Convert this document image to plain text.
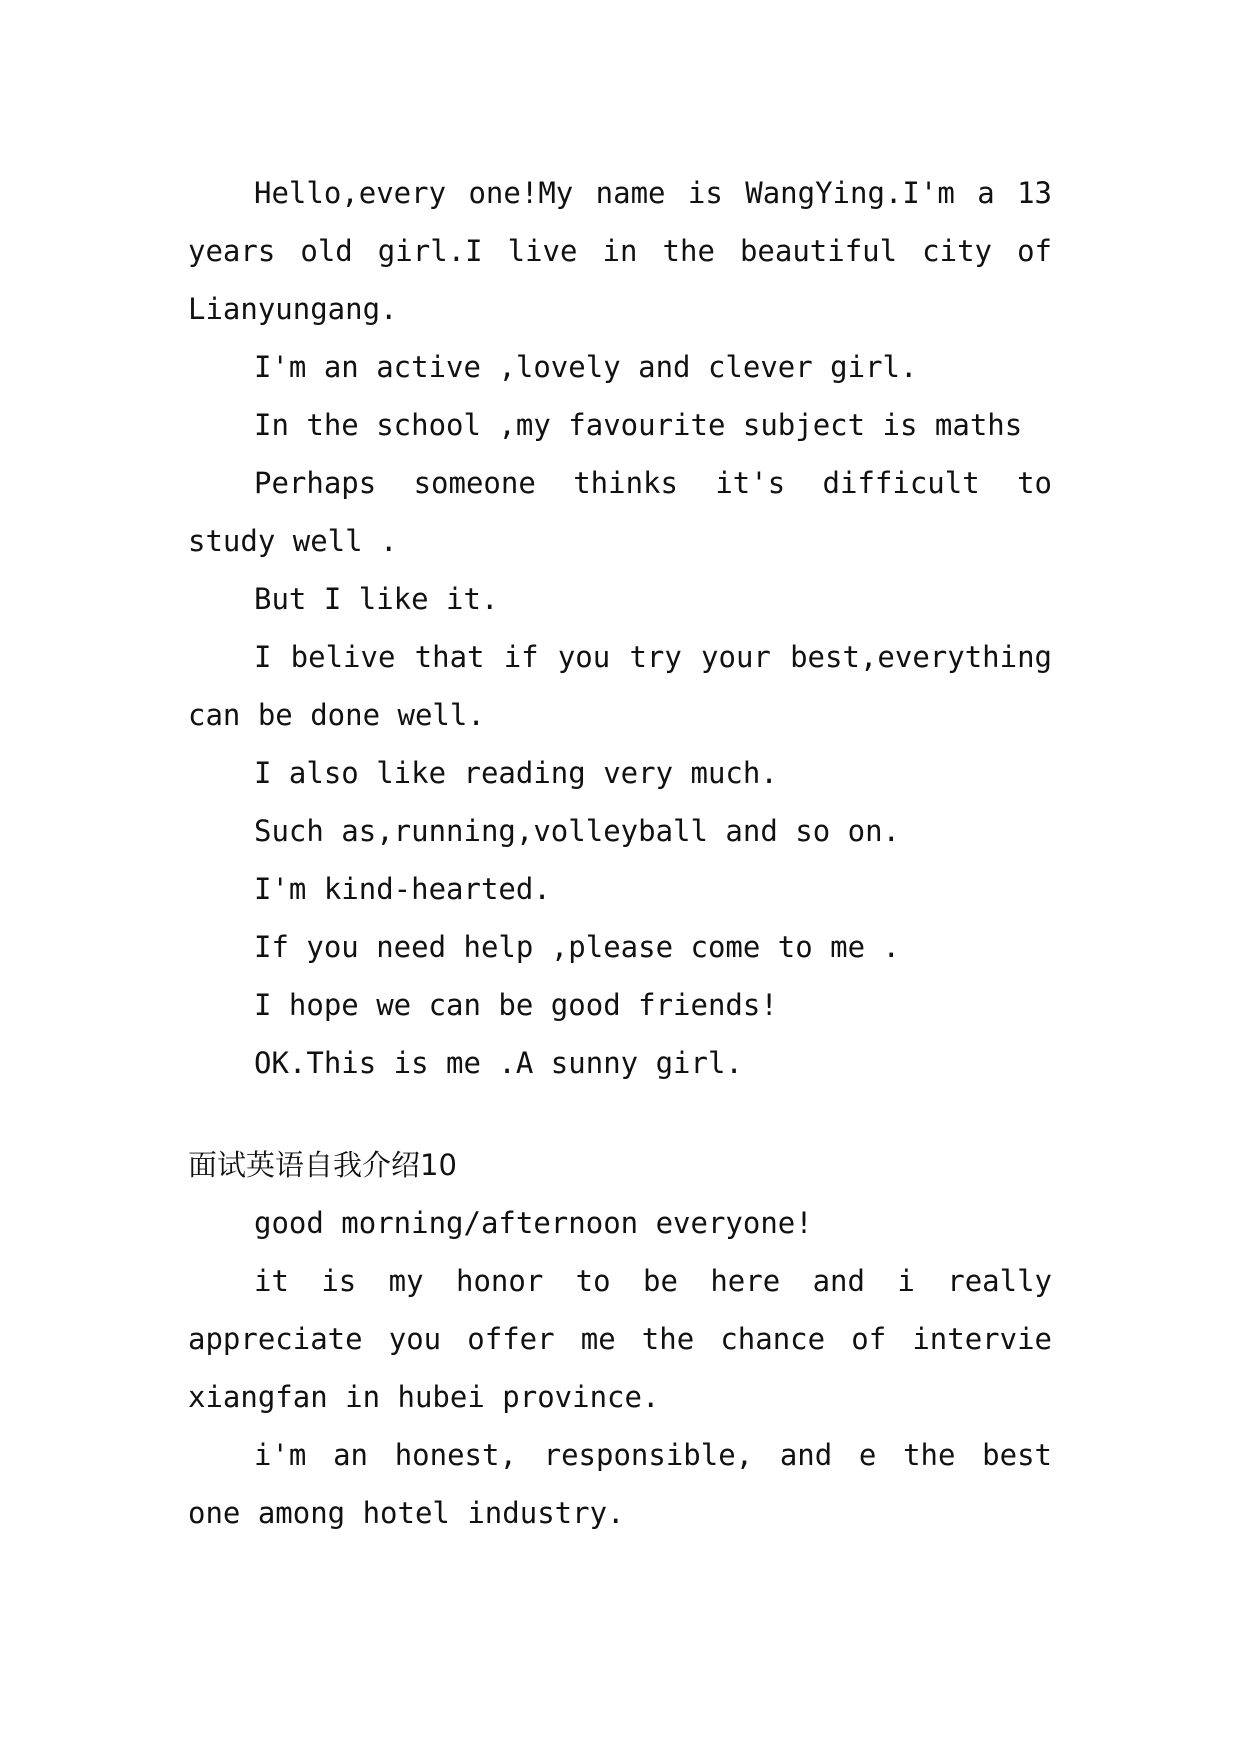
Hello,every one!My name is WangYing.I'm a 13 years old girl.I live in the beautiful city of Lianyungang.

I'm an active ,lovely and clever girl.

In the school ,my favourite subject is maths

Perhaps someone thinks it's difficult to study well .

But I like it.

I belive that if you try your best,everything can be done well.

I also like reading very much.

Such as,running,volleyball and so on.

I'm kind-hearted.

If you need help ,please come to me .

I hope we can be good friends!

OK.This is me .A sunny girl.

面试英语自我介绍10

good morning/afternoon everyone!

it is my honor to be here and i really appreciate you offer me the chance of intervie xiangfan in hubei province.

i'm an honest, responsible, and e the best one among hotel industry.
